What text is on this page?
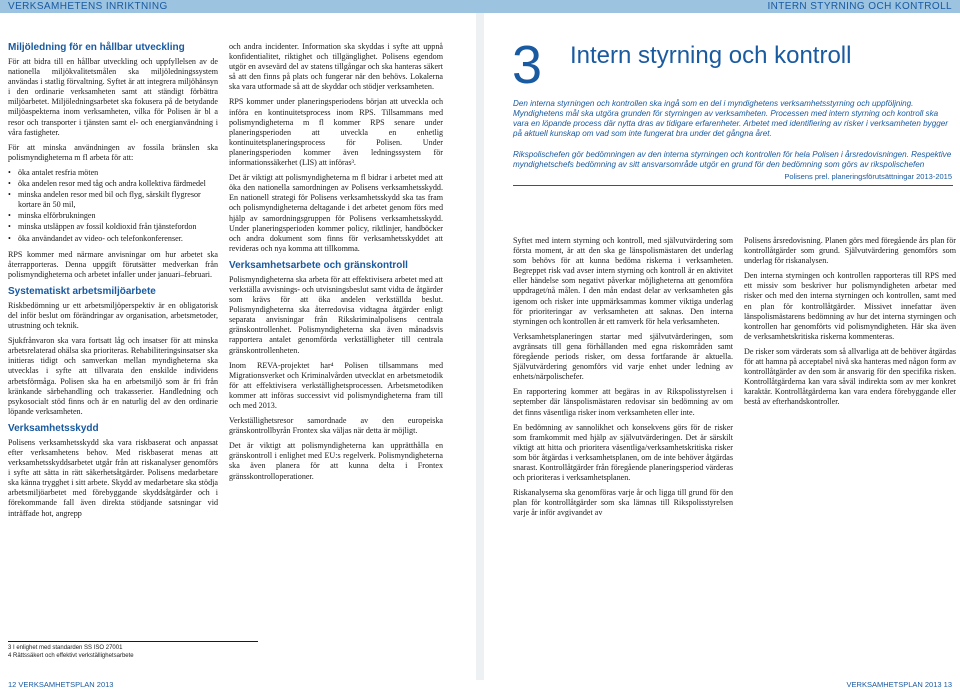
VERKSAMHETENS INRIKTNING	INTERN STYRNING OCH KONTROLL
Miljöledning för en hållbar utveckling

För att bidra till en hållbar utveckling och uppfyllelsen av de nationella miljökvalitetsmålen ska miljöledningssystem användas i statlig förvaltning. Syftet är att integrera miljöhänsyn i den ordinarie verksamheten samt att ständigt förbättra miljöarbetet. Miljöledningsarbetet ska fokusera på de betydande miljöaspekterna inom verksamheten, vilka för Polisen är bl a resor och transporter i tjänsten samt el- och energianvändning i våra fastigheter.

För att minska användningen av fossila bränslen ska polismyndigheterna m fl arbeta för att:

• öka antalet resfria möten
• öka andelen resor med tåg och andra kollektiva färdmedel
• minska andelen resor med bil och flyg, särskilt flygresor kortare än 50 mil,
• minska elförbrukningen
• minska utsläppen av fossil koldioxid från tjänstefordon
• öka användandet av video- och telefonkonferenser.

RPS kommer med närmare anvisningar om hur arbetet ska återrapporteras. Denna uppgift förutsätter medverkan från polismyndigheterna och arbetet infaller under januari–februari.

Systematiskt arbetsmiljöarbete

Riskbedömning ur ett arbetsmiljöperspektiv är en obligatorisk del inför beslut om förändringar av organisation, arbetsmetoder, utrustning och teknik.

Sjukfrånvaron ska vara fortsatt låg och insatser för att minska arbetsrelaterad ohälsa ska prioriteras. Rehabiliteringsinsatser ska initieras tidigt och samverkan mellan myndigheterna ska utvecklas i syfte att tillvarata den enskilde individens arbetsförmåga. Polisen ska ha en arbetsmiljö som är fri från kränkande särbehandling och trakasserier. Handledning och psykosocialt stöd finns och är en naturlig del av den ordinarie löpande verksamheten.

Verksamhetsskydd

Polisens verksamhetsskydd ska vara riskbaserat och anpassat efter verksamhetens behov. Med riskbaserat menas att verksamhetsskyddsarbetet utgår från att riskanalyser genomförs i syfte att sätta in rätt säkerhetsåtgärder. Polisens medarbetare ska känna trygghet i sitt arbete. Skydd av medarbetare ska stödja arbetsmiljöarbetet med förebyggande skyddsåtgärder och i förekommande fall även direkta stödjande satsningar vid inträffade hot, angrepp

och andra incidenter. Information ska skyddas i syfte att uppnå konfidentialitet, riktighet och tillgänglighet. Polisens egendom utgör en avsevärd del av statens tillgångar och ska hanteras säkert så att den finns på plats och fungerar när den behövs. Lokalerna ska vara utformade så att de skyddar och stödjer verksamheten.

RPS kommer under planeringsperiodens början att utveckla och införa en kontinuitetsprocess inom RPS. Tillsammans med polismyndigheterna m fl kommer RPS senare under planeringsperioden att utveckla en enhetlig kontinuitetsplaneringsprocess för Polisen. Under planeringsperioden kommer även ledningssystem för informationssäkerhet (LIS) att införas³.

Det är viktigt att polismyndigheterna m fl bidrar i arbetet med att öka den nationella samordningen av Polisens verksamhetsskydd. En nationell strategi för Polisens verksamhetsskydd ska tas fram och polismyndigheterna deltagande i det arbetet genom förs med hjälp av samordningsgruppen för Polisens verksamhetsskydd. Under planeringsperioden kommer policy, riktlinjer, handböcker och andra dokument som finns för verksamhetsskyddet att revideras och nya komma att tillkomma.

Verksamhetsarbete och gränskontroll

Polismyndigheterna ska arbeta för att effektivisera arbetet med att verkställa avvisnings- och utvisningsbeslut samt vidta de åtgärder som krävs för att öka andelen verkställda beslut. Polismyndigheterna ska återredovisa vidtagna åtgärder enligt separata anvisningar från Rikskriminalpolisens centrala gränskontrollenhet. Polismyndigheterna ska även månadsvis rapportera antalet genomförda verkställigheter till centrala gränskontrollenheten.

Inom REVA-projektet har⁴ Polisen tillsammans med Migrationsverket och Kriminalvården utvecklat en arbetsmetodik för att effektivisera verkställighetsprocessen. Arbetsmetodiken kommer att införas successivt vid polismyndigheterna fram till och med 2013.

Verkställighetsresor samordnade av den europeiska gränskontrollbyrån Frontex ska väljas när detta är möjligt.

Det är viktigt att polismyndigheterna kan upprätthålla en gränskontroll i enlighet med EU:s regelverk. Polismyndigheterna ska även planera för att kunna delta i Frontex gränsskontrolloperationer.

3 I enlighet med standarden SS ISO 27001
4 Rättssäkert och effektivt verkställighetsarbete
3 Intern styrning och kontroll

Den interna styrningen och kontrollen ska ingå som en del i myndighetens verksamhetsstyrning och uppföljning. Myndighetens mål ska utgöra grunden för styrningen av verksamheten. Processen med intern styrning och kontroll ska vara en löpande process där nytta dras av tidigare erfarenheter. Arbetet med identifiering av risker i verksamheten bygger på aktuell kunskap om vad som inte fungerat bra under det gångna året.

Rikspolischefen gör bedömningen av den interna styrningen och kontrollen för hela Polisen i årsredovisningen. Respektive myndighetschefs bedömning av sitt ansvarsområde utgör en grund för den bedömning som görs av rikspolischefen
Polisens prel. planeringsförutsättningar 2013-2015

Syftet med intern styrning och kontroll, med självutvärdering som första moment, är att den ska ge länspolismästaren det underlag som behövs för att kunna bedöma riskerna i verksamheten. Begreppet risk vad avser intern styrning och kontroll är en aktivitet eller händelse som negativt påverkar möjligheterna att genomföra uppdraget/nå målen. I den mån endast delar av verksamheten gås igenom och risker inte uppmärksammas kommer viktiga underlag för prioriteringar av verksamheten att saknas. Den interna styrningen och kontrollen är ett ramverk för hela verksamheten.

Verksamhetsplaneringen startar med självutvärderingen, som avgränsats till gena förhållanden med egna riskområden samt föregående periods risker, om dessa fortfarande är aktuella. Självutvärdering genomförs vid varje enhet under ledning av enhets/närpolischefer.

En rapportering kommer att begäras in av Rikspolisstyrelsen i september där länspolismästaren redovisar sin bedömning av om det finns väsentliga risker inom verksamheten eller inte.

En bedömning av sannolikhet och konsekvens görs för de risker som framkommit med hjälp av självutvärderingen. Det är särskilt viktigt att hitta och prioritera väsentliga/verksamhetskritiska risker som bör åtgärdas i verksamhetsplanen, om de inte behöver åtgärdas snarast. Kontrollåtgärder från föregående planeringsperiod värderas och prioriteras i verksamhetsplanen.

Riskanalyserna ska genomföras varje år och ligga till grund för den plan för kontrollåtgärder som ska lämnas till Rikspolisstyrelsen varje år inför avgivandet av

Polisens årsredovisning. Planen görs med föregående års plan för kontrollåtgärder som grund. Självutvärdering genomförs som underlag för riskanalysen.

Den interna styrningen och kontrollen rapporteras till RPS med ett missiv som beskriver hur polismyndigheten arbetar med risker och med den interna styrningen och kontrollen, samt med en plan för kontrollåtgärder. Missivet innefattar även länspolismästarens bedömning av hur det interna styrningen och kontrollen har genomförts vid polismyndigheten. Här ska även de verksamhetskritiska riskerna kommenteras.

De risker som värderats som så allvarliga att de behöver åtgärdas för att hamna på acceptabel nivå ska hanteras med någon form av kontrollåtgärder av den som är ansvarig för den specifika risken. Kontrollåtgärderna kan vara såväl indirekta som av mer konkret karaktär. Kontrollåtgärderna kan vara endera förebyggande eller bestå av efterhandskontroller.

12 VERKSAMHETSPLAN 2013	VERKSAMHETSPLAN 2013 13
